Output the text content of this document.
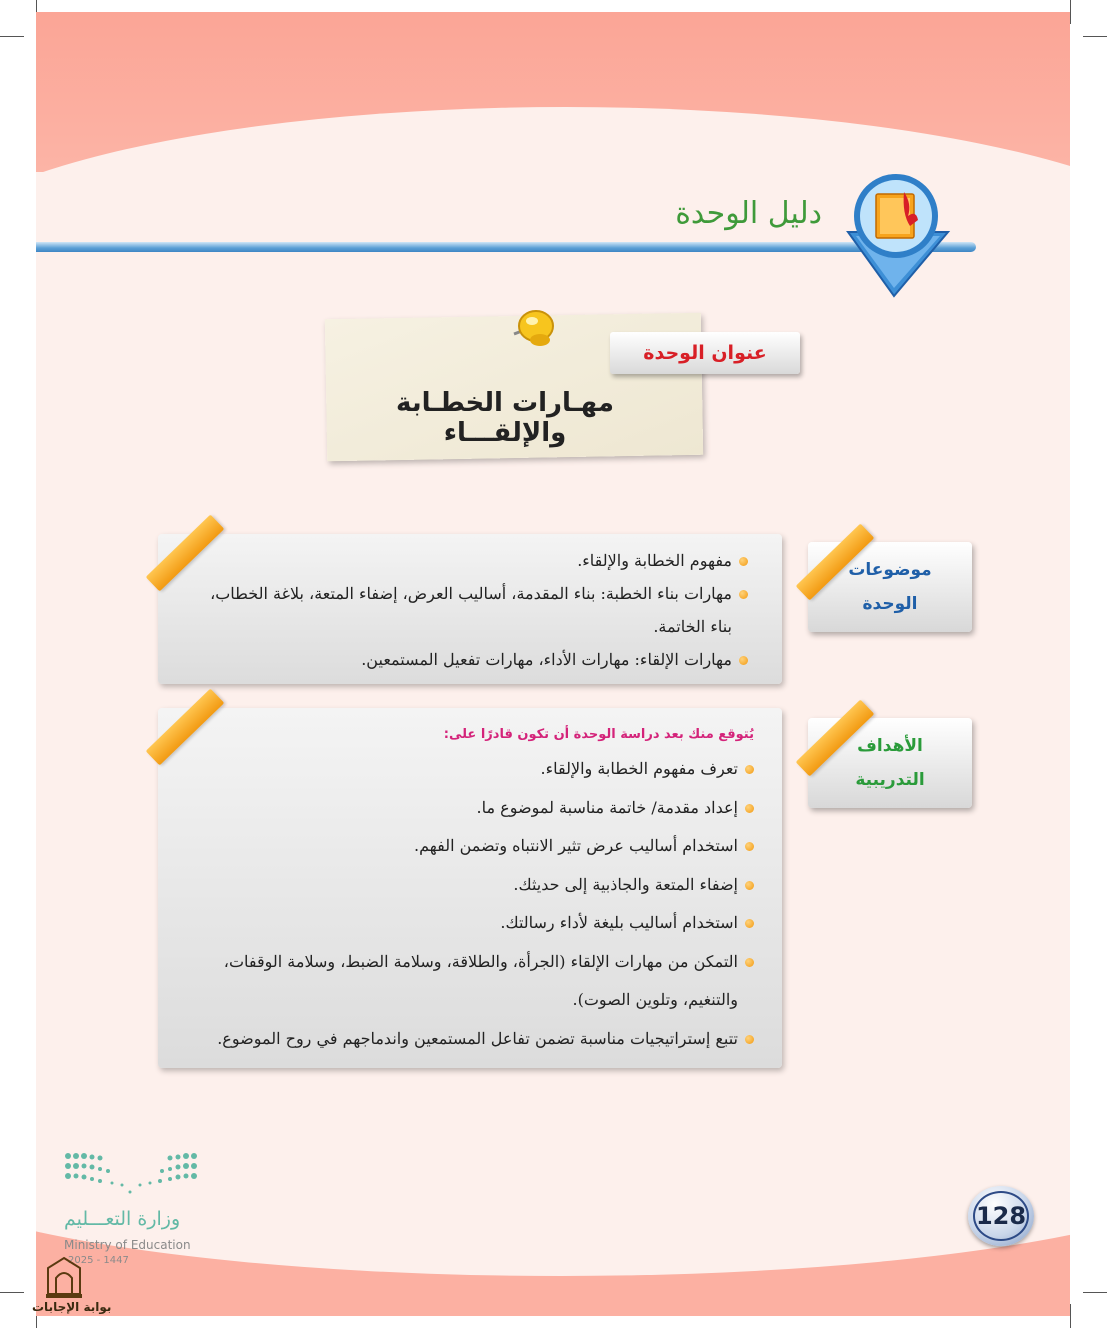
دليل الوحدة
عنوان الوحدة
مهـارات الخطـابة والإلقـــاء
مفهوم الخطابة والإلقاء.
مهارات بناء الخطبة: بناء المقدمة، أساليب العرض، إضفاء المتعة، بلاغة الخطاب، بناء الخاتمة.
مهارات الإلقاء: مهارات الأداء، مهارات تفعيل المستمعين.
موضوعات
الوحدة
يُتوقع منك بعد دراسة الوحدة أن تكون قادرًا على:
تعرف مفهوم الخطابة والإلقاء.
إعداد مقدمة/ خاتمة مناسبة لموضوع ما.
استخدام أساليب عرض تثير الانتباه وتضمن الفهم.
إضفاء المتعة والجاذبية إلى حديثك.
استخدام أساليب بليغة لأداء رسالتك.
التمكن من مهارات الإلقاء (الجرأة، والطلاقة، وسلامة الضبط، وسلامة الوقفات، والتنغيم، وتلوين الصوت).
تتبع إستراتيجيات مناسبة تضمن تفاعل المستمعين واندماجهم في روح الموضوع.
الأهداف
التدريبية
128
وزارة التعـــليم
Ministry of Education
2025 - 1447
بوابة الإجابات
